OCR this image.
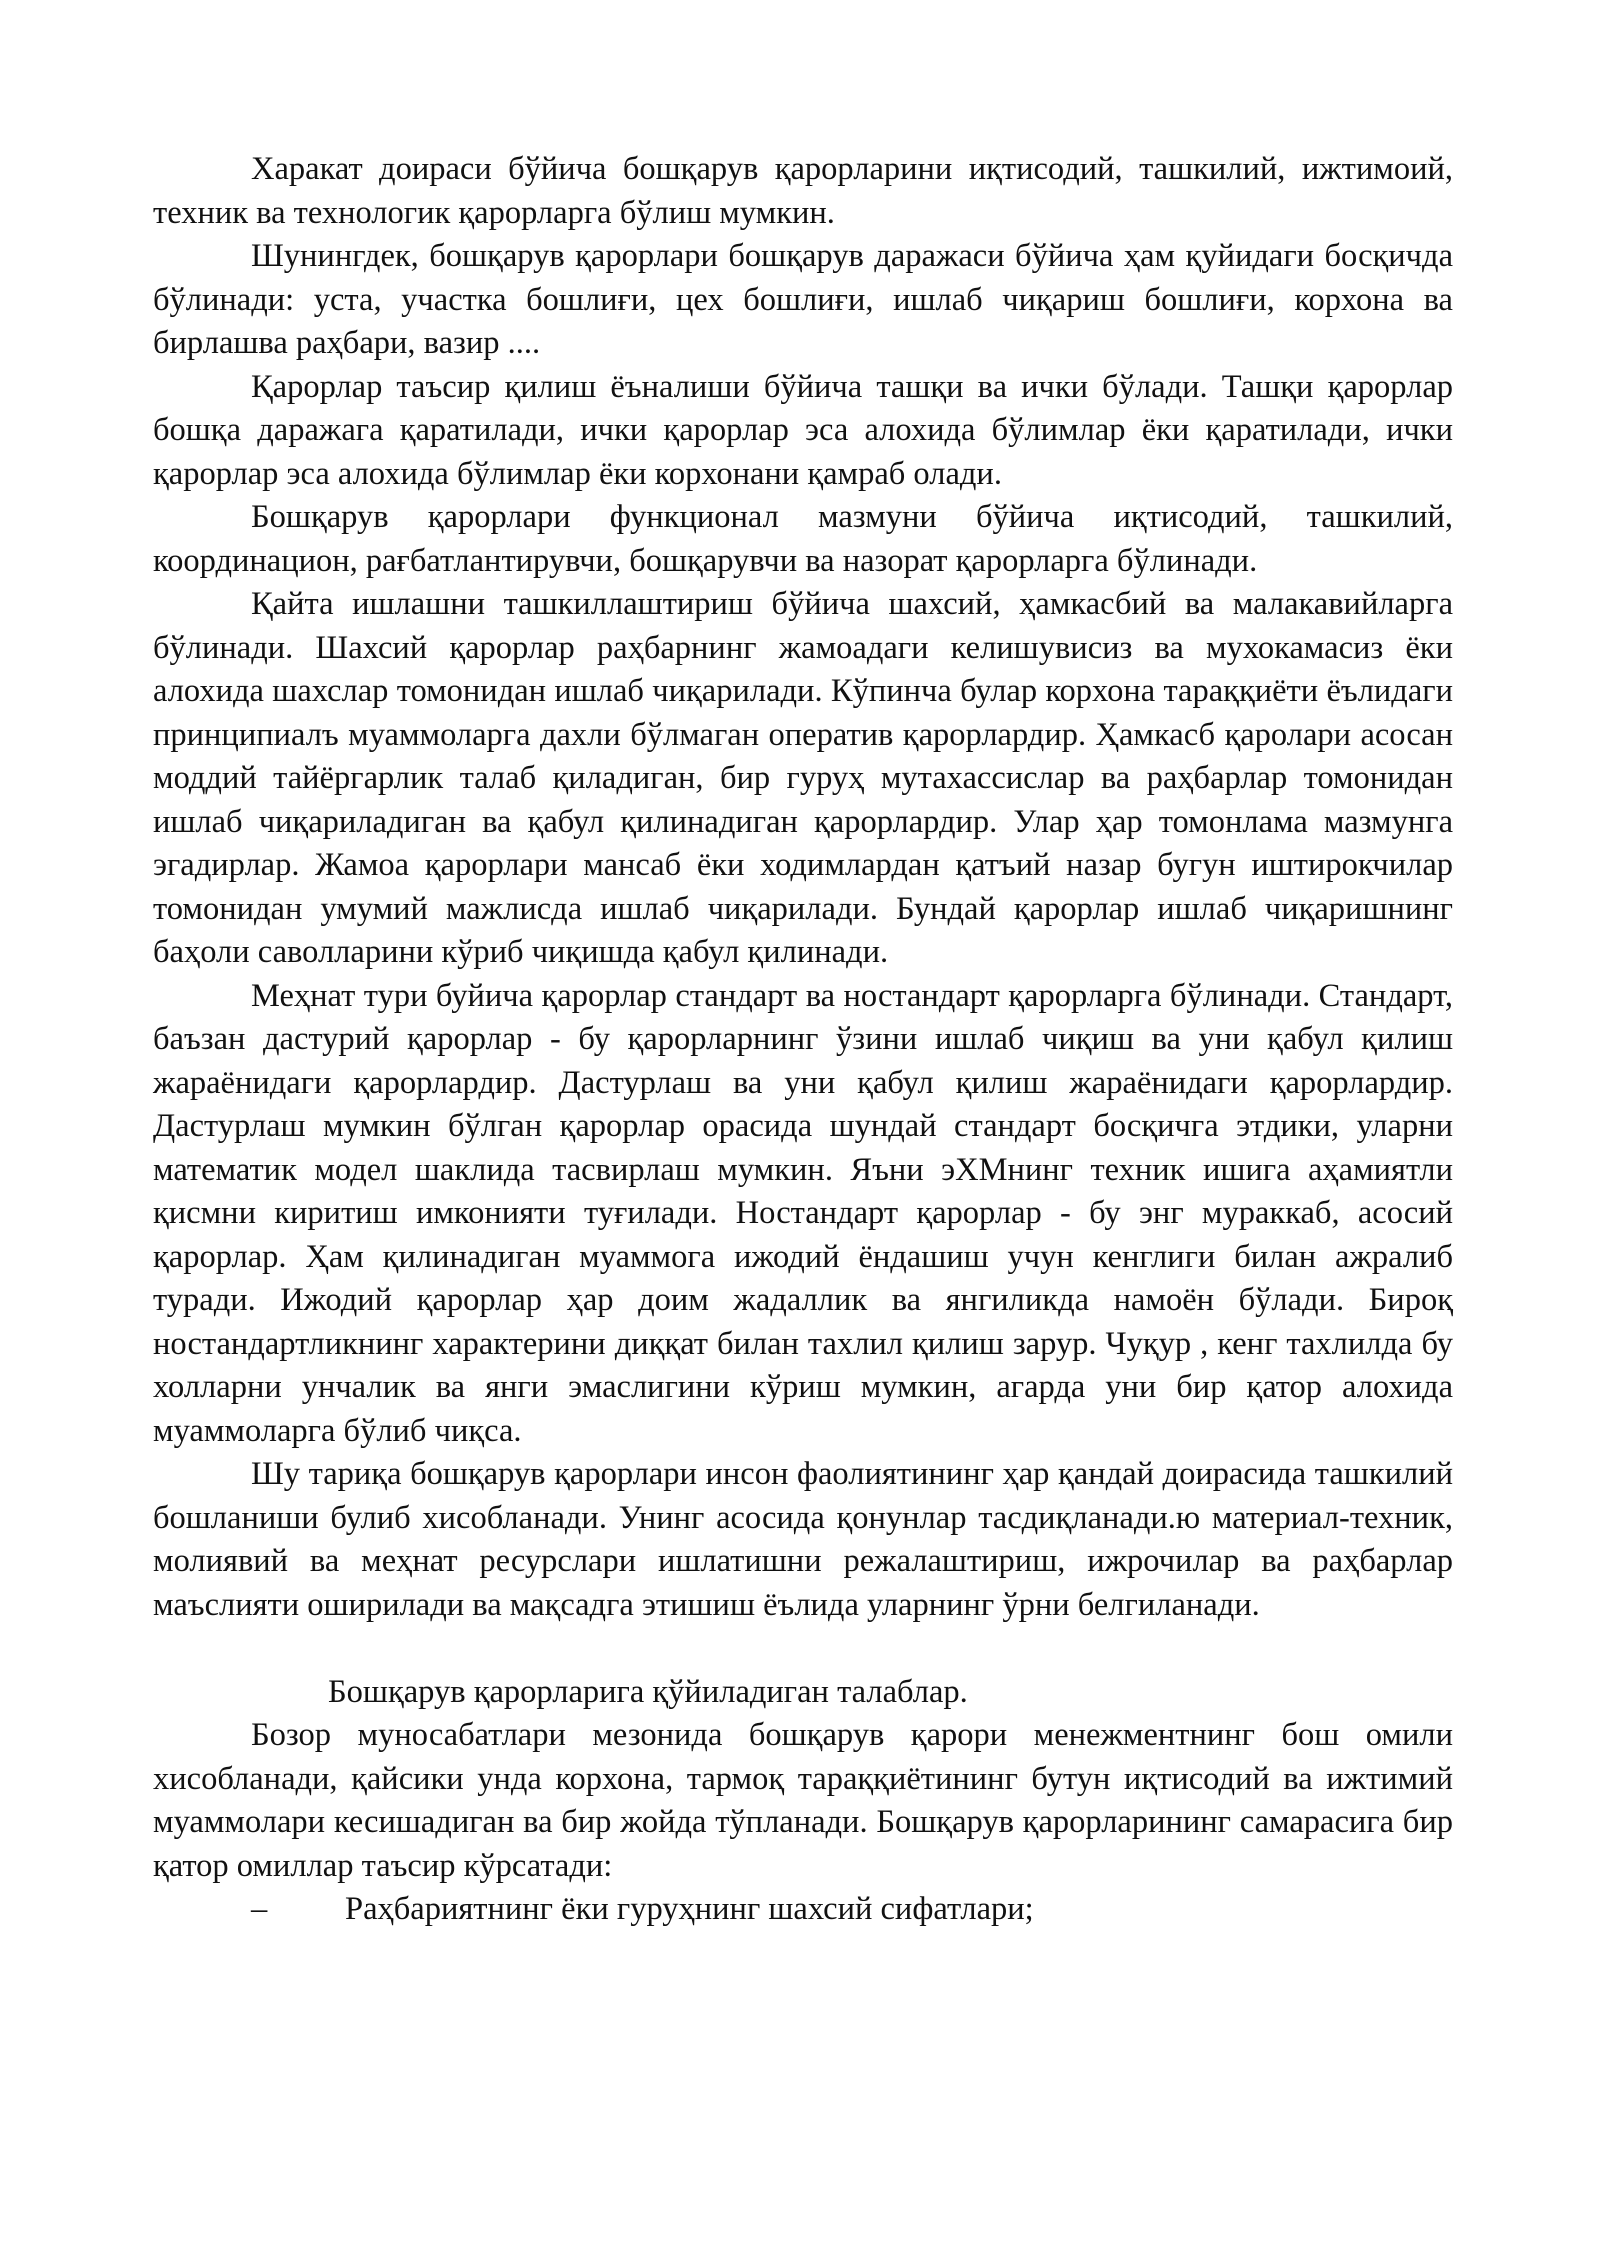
Харакат доираси бўйича бошқарув қарорларини иқтисодий, ташкилий, ижтимоий, техник ва технологик қарорларга бўлиш мумкин.

Шунингдек, бошқарув қарорлари бошқарув даражаси бўйича ҳам қуйидаги босқичда бўлинади: уста, участка бошлиғи, цех бошлиғи, ишлаб чиқариш бошлиғи, корхона ва бирлашва раҳбари, вазир ....

Қарорлар таъсир қилиш ёъналиши бўйича ташқи ва ички бўлади. Ташқи қарорлар бошқа даражага қаратилади, ички қарорлар эса алохида бўлимлар ёки қаратилади, ички қарорлар эса алохида бўлимлар ёки корхонани қамраб олади.

Бошқарув қарорлари функционал мазмуни бўйича иқтисодий, ташкилий, координацион, рағбатлантирувчи, бошқарувчи ва назорат қарорларга бўлинади.

Қайта ишлашни ташкиллаштириш бўйича шахсий, ҳамкасбий ва малакавийларга бўлинади. Шахсий қарорлар раҳбарнинг жамоадаги келишувисиз ва мухокамасиз ёки алохида шахслар томонидан ишлаб чиқарилади. Кўпинча булар корхона тараққиёти ёълидаги принципиалъ муаммоларга дахли бўлмаган оператив қарорлардир. Ҳамкасб қаролари асосан моддий тайёргарлик талаб қиладиган, бир гуруҳ мутахассислар ва раҳбарлар томонидан ишлаб чиқариладиган ва қабул қилинадиган қарорлардир. Улар ҳар томонлама мазмунга эгадирлар. Жамоа қарорлари мансаб ёки ходимлардан қатъий назар бугун иштирокчилар томонидан умумий мажлисда ишлаб чиқарилади. Бундай қарорлар ишлаб чиқаришнинг баҳоли саволларини кўриб чиқишда қабул қилинади.

Меҳнат тури буйича қарорлар стандарт ва ностандарт қарорларга бўлинади. Стандарт, баъзан дастурий қарорлар - бу қарорларнинг ўзини ишлаб чиқиш ва уни қабул қилиш жараёнидаги қарорлардир. Дастурлаш ва уни қабул қилиш жараёнидаги қарорлардир. Дастурлаш мумкин бўлган қарорлар орасида шундай стандарт босқичга этдики, уларни математик модел шаклида тасвирлаш мумкин. Яъни эХМнинг техник ишига аҳамиятли қисмни киритиш имконияти туғилади. Ностандарт қарорлар - бу энг мураккаб, асосий қарорлар. Ҳам қилинадиган муаммога ижодий ёндашиш учун кенглиги билан ажралиб туради. Ижодий қарорлар ҳар доим жадаллик ва янгиликда намоён бўлади. Бироқ ностандартликнинг характерини диққат билан тахлил қилиш зарур. Чуқур , кенг тахлилда бу холларни унчалик ва янги эмаслигини кўриш мумкин, агарда уни бир қатор алохида муаммоларга бўлиб чиқса.

Шу тариқа бошқарув қарорлари инсон фаолиятининг ҳар қандай доирасида ташкилий бошланиши булиб хисобланади. Унинг асосида қонунлар тасдиқланади.ю материал-техник, молиявий ва меҳнат ресурслари ишлатишни режалаштириш, ижрочилар ва раҳбарлар маъслияти оширилади ва мақсадга этишиш ёълида уларнинг ўрни белгиланади.

Бошқарув қарорларига қўйиладиган талаблар.

Бозор муносабатлари мезонида бошқарув қарори менежментнинг бош омили хисобланади, қайсики унда корхона, тармоқ тараққиётининг бутун иқтисодий ва ижтимий муаммолари кесишадиган ва бир жойда тўпланади. Бошқарув қарорларининг самарасига бир қатор омиллар таъсир кўрсатади:

– Раҳбариятнинг ёки гуруҳнинг шахсий сифатлари;
